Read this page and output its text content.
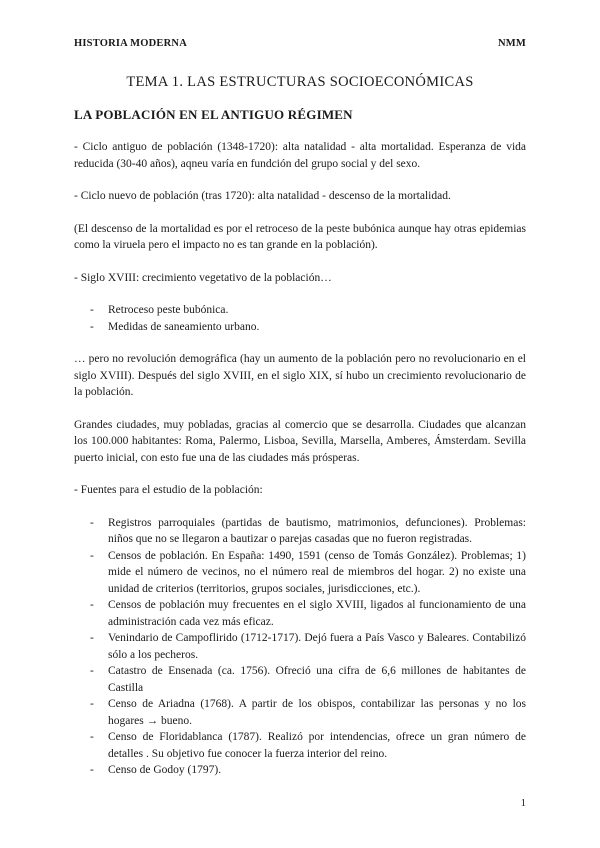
HISTORIA MODERNA	NMM
TEMA 1. LAS ESTRUCTURAS SOCIOECONÓMICAS
LA POBLACIÓN EN EL ANTIGUO RÉGIMEN

- Ciclo antiguo de población (1348-1720): alta natalidad - alta mortalidad. Esperanza de vida reducida (30-40 años), aqneu varía en fundción del grupo social y del sexo.

- Ciclo nuevo de población (tras 1720): alta natalidad - descenso de la mortalidad.

(El descenso de la mortalidad es por el retroceso de la peste bubónica aunque hay otras epidemias como la viruela pero el impacto no es tan grande en la población).

- Siglo XVIII: crecimiento vegetativo de la población…

- Retroceso peste bubónica.
- Medidas de saneamiento urbano.

… pero no revolución demográfica (hay un aumento de la población pero no revolucionario en el siglo XVIII). Después del siglo XVIII, en el siglo XIX, sí hubo un crecimiento revolucionario de la población.

Grandes ciudades, muy pobladas, gracias al comercio que se desarrolla. Ciudades que alcanzan los 100.000 habitantes: Roma, Palermo, Lisboa, Sevilla, Marsella, Amberes, Ámsterdam. Sevilla puerto inicial, con esto fue una de las ciudades más prósperas.

- Fuentes para el estudio de la población:

- Registros parroquiales (partidas de bautismo, matrimonios, defunciones). Problemas: niños que no se llegaron a bautizar o parejas casadas que no fueron registradas.
- Censos de población. En España: 1490, 1591 (censo de Tomás González). Problemas; 1) mide el número de vecinos, no el número real de miembros del hogar. 2) no existe una unidad de criterios (territorios, grupos sociales, jurisdicciones, etc.).
- Censos de población muy frecuentes en el siglo XVIII, ligados al funcionamiento de una administración cada vez más eficaz.
- Venindario de Campoflirido (1712-1717). Dejó fuera a País Vasco y Baleares. Contabilizó sólo a los pecheros.
- Catastro de Ensenada (ca. 1756). Ofreció una cifra de 6,6 millones de habitantes de Castilla
- Censo de Ariadna (1768). A partir de los obispos, contabilizar las personas y no los hogares → bueno.
- Censo de Floridablanca (1787). Realizó por intendencias, ofrece un gran número de detalles . Su objetivo fue conocer la fuerza interior del reino.
- Censo de Godoy (1797).
1
